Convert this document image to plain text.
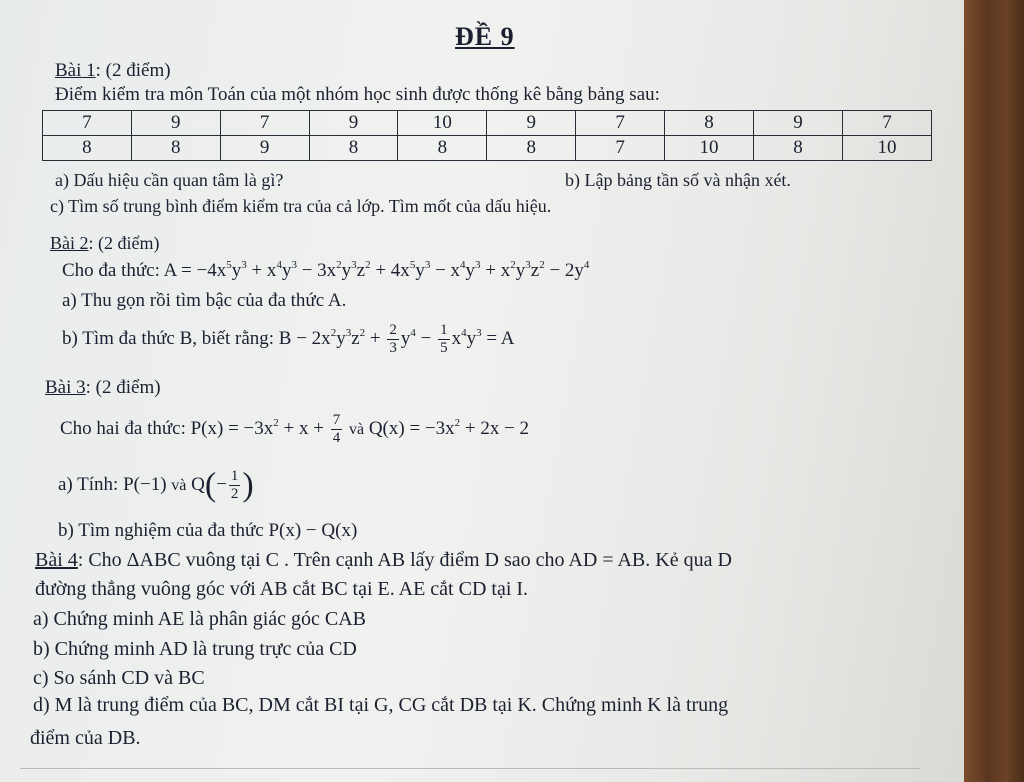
ĐỀ 9
Bài 1: (2 điểm)
Điểm kiểm tra môn Toán của một nhóm học sinh được thống kê bằng bảng sau:
7	9	7	9	10	9	7	8	9	7
8	8	9	8	8	8	7	10	8	10
a) Dấu hiệu cần quan tâm là gì?	b) Lập bảng tần số và nhận xét.
c) Tìm số trung bình điểm kiểm tra của cả lớp. Tìm mốt của dấu hiệu.
Bài 2: (2 điểm)
Cho đa thức: $A = -4x^5y^3 + x^4y^3 - 3x^2y^3z^2 + 4x^5y^3 - x^4y^3 + x^2y^3z^2 - 2y^4$
a) Thu gọn rồi tìm bậc của đa thức A.
b) Tìm đa thức B, biết rằng: $B - 2x^2y^3z^2 + \frac{2}{3} y^4 - \frac{1}{5} x^4y^3 = A$
Bài 3: (2 điểm)
Cho hai đa thức: $P(x) = -3x^2 + x + \frac{7}{4}$ và $Q(x) = -3x^2 + 2x - 2$
a) Tính: P(−1) và $Q(- \frac{1}{2}$ )
b) Tìm nghiệm của đa thức P(x) − Q(x)
Bài 4: Cho ΔABC vuông tại C . Trên cạnh AB lấy điểm D sao cho AD = AB. Kẻ qua D
đường thẳng vuông góc với AB cắt BC tại E. AE cắt CD tại I.
a) Chứng minh AE là phân giác góc CAB
b) Chứng minh AD là trung trực của CD
c) So sánh CD và BC
d) M là trung điểm của BC, DM cắt BI tại G, CG cắt DB tại K. Chứng minh K là trung
điểm của DB.
